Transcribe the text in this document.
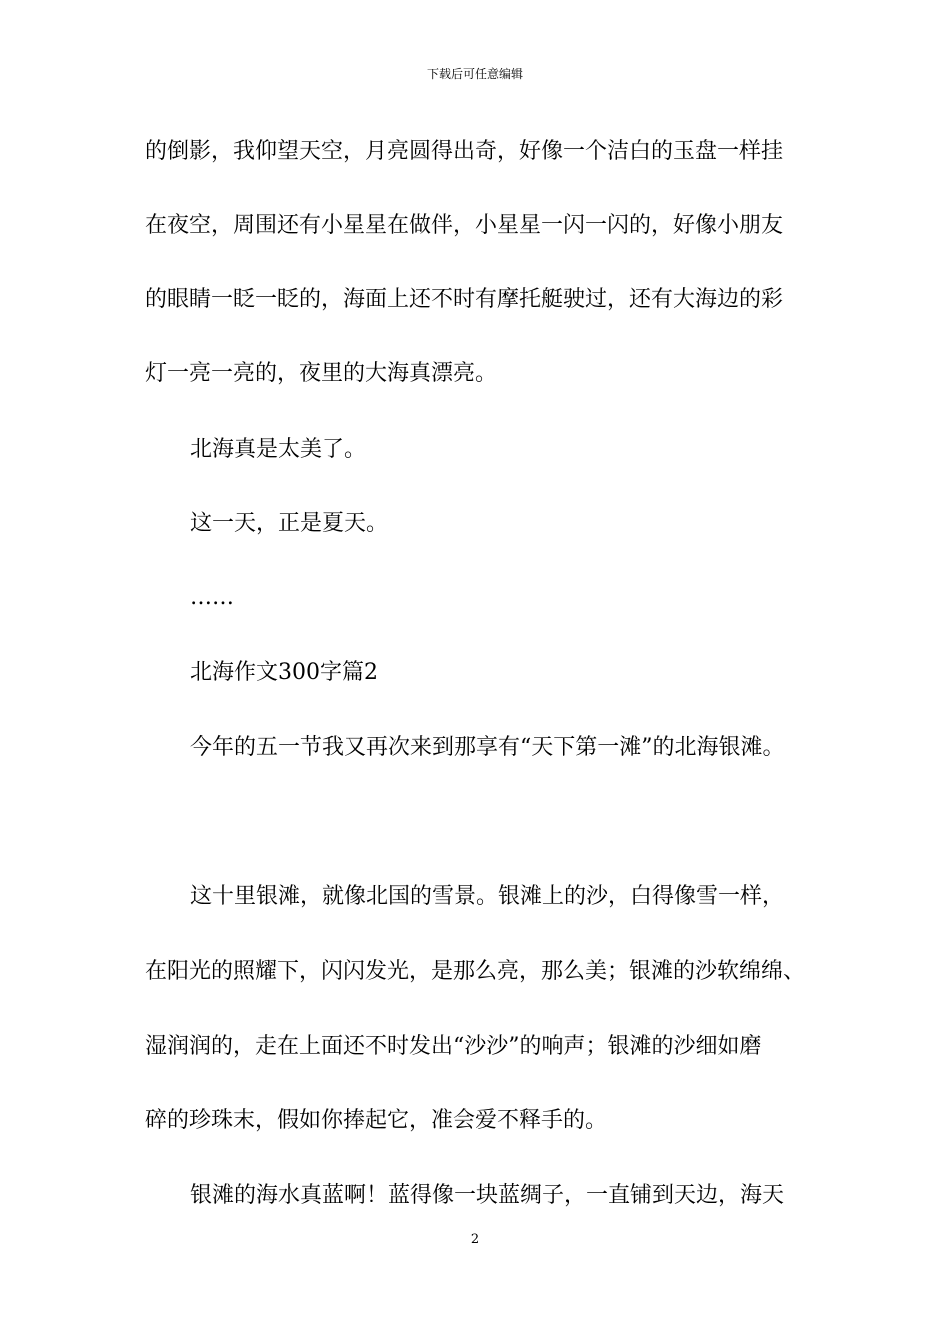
下载后可任意编辑
的倒影，我仰望天空，月亮圆得出奇，好像一个洁白的玉盘一样挂
在夜空，周围还有小星星在做伴，小星星一闪一闪的，好像小朋友
的眼睛一眨一眨的，海面上还不时有摩托艇驶过，还有大海边的彩
灯一亮一亮的，夜里的大海真漂亮。
北海真是太美了。
这一天，正是夏天。
……
北海作文300字篇2
今年的五一节我又再次来到那享有“天下第一滩”的北海银滩。
这十里银滩，就像北国的雪景。银滩上的沙，白得像雪一样，
在阳光的照耀下，闪闪发光，是那么亮，那么美；银滩的沙软绵绵、
湿润润的，走在上面还不时发出“沙沙”的响声；银滩的沙细如磨
碎的珍珠末，假如你捧起它，准会爱不释手的。
银滩的海水真蓝啊！蓝得像一块蓝绸子，一直铺到天边，海天
2
